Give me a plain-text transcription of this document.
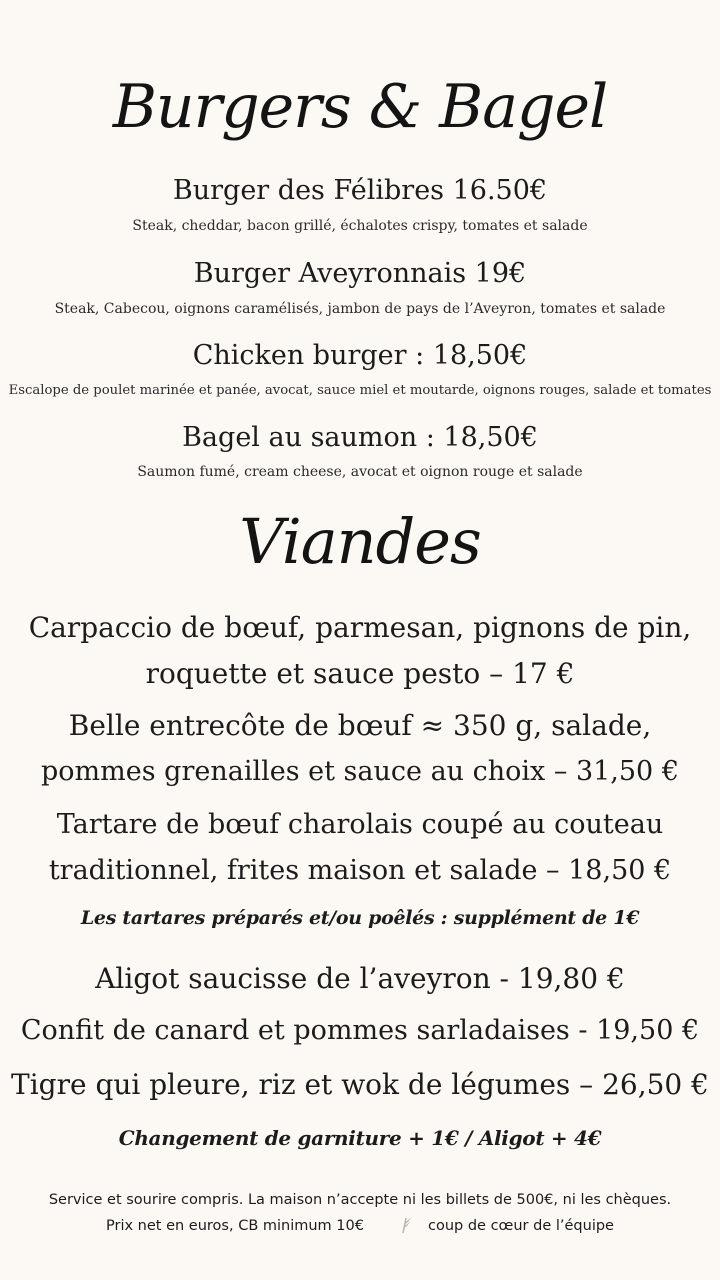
Burgers & Bagel
Burger des Félibres 16.50€
Steak, cheddar, bacon grillé, échalotes crispy, tomates et salade
Burger Aveyronnais 19€
Steak, Cabecou, oignons caramélisés, jambon de pays de l’Aveyron, tomates et salade
Chicken burger : 18,50€
Escalope de poulet marinée et panée, avocat, sauce miel et moutarde, oignons rouges, salade et tomates
Bagel au saumon : 18,50€
Saumon fumé, cream cheese, avocat et oignon rouge et salade
Viandes
Carpaccio de bœuf, parmesan, pignons de pin,
roquette et sauce pesto – 17 €
Belle entrecôte de bœuf ≈ 350 g, salade,
pommes grenailles et sauce au choix – 31,50 €
Tartare de bœuf charolais coupé au couteau
traditionnel, frites maison et salade – 18,50 €
Les tartares préparés et/ou poêlés : supplément de 1€
Aligot saucisse de l’aveyron - 19,80 €
Confit de canard et pommes sarladaises - 19,50 €
Tigre qui pleure, riz et wok de légumes – 26,50 €
Changement de garniture + 1€ / Aligot + 4€
Service et sourire compris. La maison n’accepte ni les billets de 500€, ni les chèques.
Prix net en euros, CB minimum 10€	coup de cœur de l’équipe
